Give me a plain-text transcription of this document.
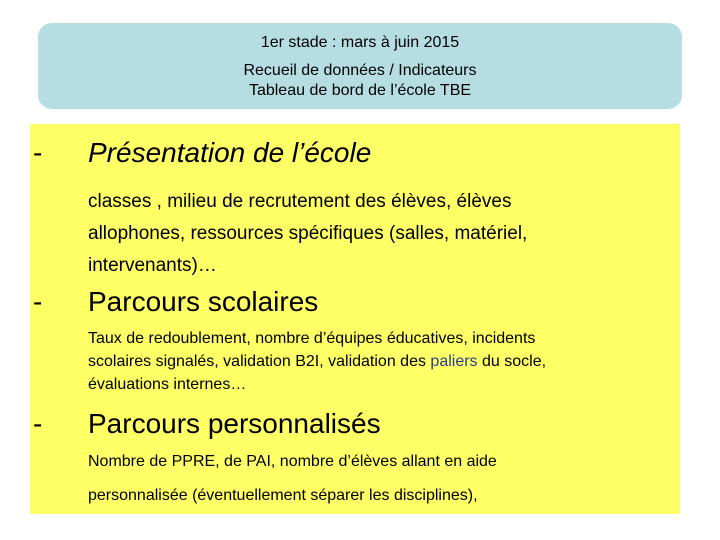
1er stade : mars à juin 2015
Recueil de données / Indicateurs
Tableau de bord de l’école TBE
- Présentation de l’école
classes , milieu de recrutement des élèves, élèves
allophones, ressources spécifiques (salles, matériel,
intervenants)…
- Parcours scolaires
Taux de redoublement, nombre d’équipes éducatives, incidents
scolaires signalés, validation B2I, validation des paliers du socle,
évaluations internes…
- Parcours personnalisés
Nombre de PPRE, de PAI, nombre d’élèves allant en aide
personnalisée (éventuellement séparer les disciplines),
